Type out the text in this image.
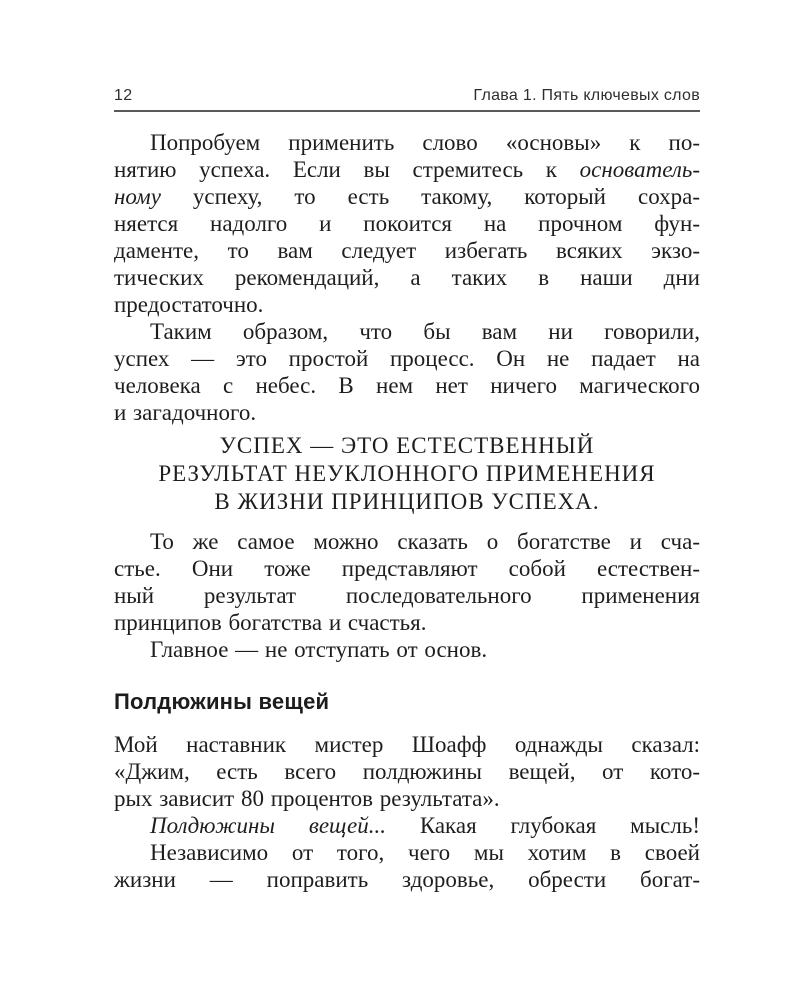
12	Глава 1. Пять ключевых слов
Попробуем применить слово «основы» к по-
нятию успеха. Если вы стремитесь к основатель-
ному успеху, то есть такому, который сохра-
няется надолго и покоится на прочном фун-
даменте, то вам следует избегать всяких экзо-
тических рекомендаций, а таких в наши дни
предостаточно.
Таким образом, что бы вам ни говорили,
успех — это простой процесс. Он не падает на
человека с небес. В нем нет ничего магического
и загадочного.
УСПЕХ — ЭТО ЕСТЕСТВЕННЫЙ
РЕЗУЛЬТАТ НЕУКЛОННОГО ПРИМЕНЕНИЯ
В ЖИЗНИ ПРИНЦИПОВ УСПЕХА.
То же самое можно сказать о богатстве и сча-
стье. Они тоже представляют собой естествен-
ный результат последовательного применения
принципов богатства и счастья.
Главное — не отступать от основ.
Полдюжины вещей
Мой наставник мистер Шоафф однажды сказал:
«Джим, есть всего полдюжины вещей, от кото-
рых зависит 80 процентов результата».
Полдюжины вещей... Какая глубокая мысль!
Независимо от того, чего мы хотим в своей
жизни — поправить здоровье, обрести богат-
